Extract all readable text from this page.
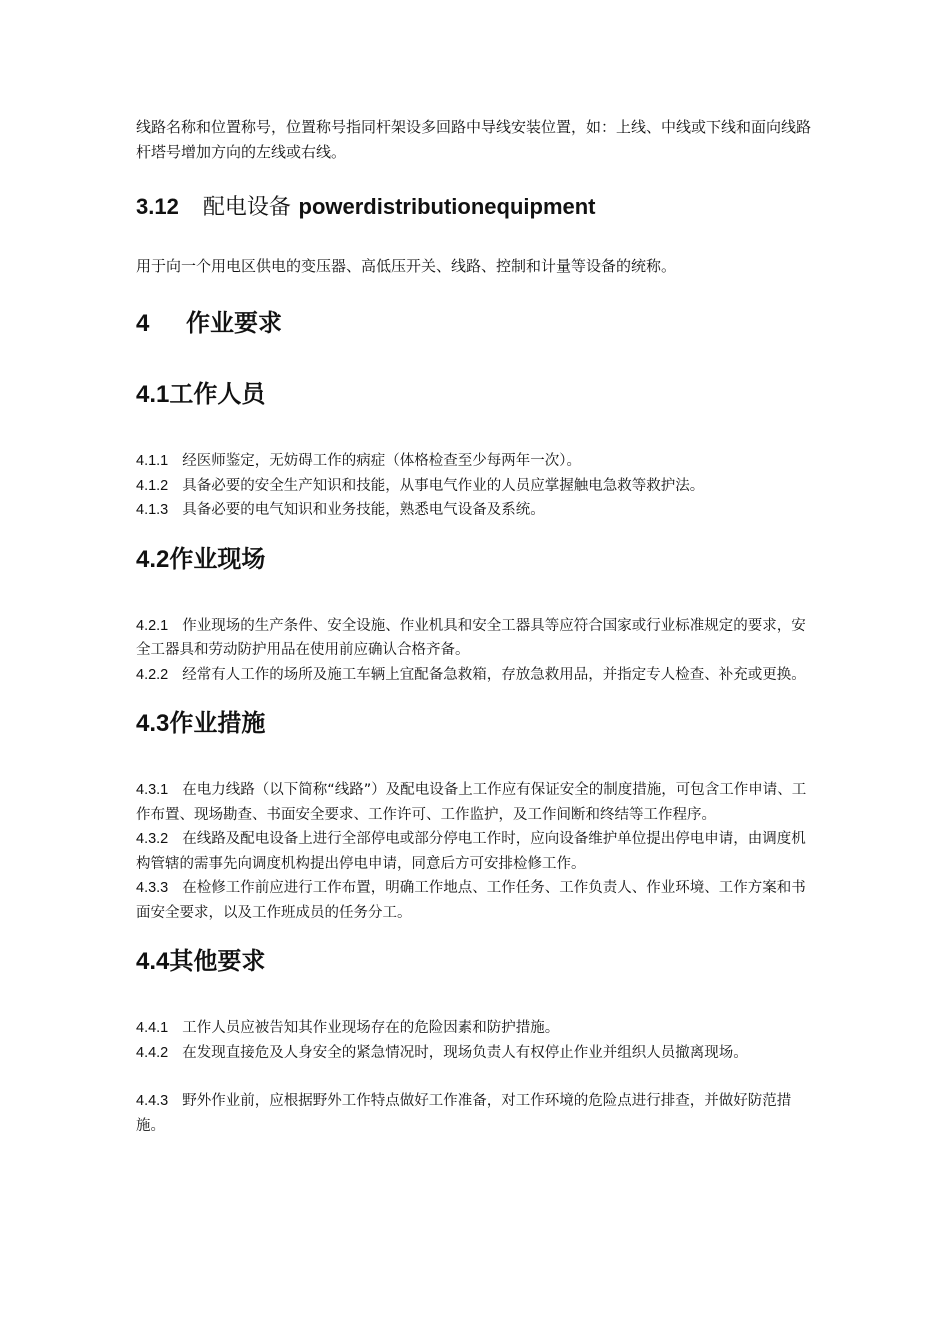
线路名称和位置称号，位置称号指同杆架设多回路中导线安装位置，如：上线、中线或下线和面向线路杆塔号增加方向的左线或右线。

3.12 配电设备 powerdistributionequipment

用于向一个用电区供电的变压器、高低压开关、线路、控制和计量等设备的统称。

4 作业要求
4.1工作人员

4.1.1 经医师鉴定，无妨碍工作的病症（体格检查至少每两年一次）。

4.1.2 具备必要的安全生产知识和技能，从事电气作业的人员应掌握触电急救等救护法。

4.1.3 具备必要的电气知识和业务技能，熟悉电气设备及系统。

4.2作业现场

4.2.1 作业现场的生产条件、安全设施、作业机具和安全工器具等应符合国家或行业标准规定的要求，安全工器具和劳动防护用品在使用前应确认合格齐备。

4.2.2 经常有人工作的场所及施工车辆上宜配备急救箱，存放急救用品，并指定专人检查、补充或更换。

4.3作业措施

4.3.1 在电力线路（以下简称“线路”）及配电设备上工作应有保证安全的制度措施，可包含工作申请、工作布置、现场勘查、书面安全要求、工作许可、工作监护，及工作间断和终结等工作程序。

4.3.2 在线路及配电设备上进行全部停电或部分停电工作时，应向设备维护单位提出停电申请，由调度机构管辖的需事先向调度机构提出停电申请，同意后方可安排检修工作。

4.3.3 在检修工作前应进行工作布置，明确工作地点、工作任务、工作负责人、作业环境、工作方案和书面安全要求，以及工作班成员的任务分工。

4.4其他要求

4.4.1 工作人员应被告知其作业现场存在的危险因素和防护措施。

4.4.2 在发现直接危及人身安全的紧急情况时，现场负责人有权停止作业并组织人员撤离现场。

4.4.3 野外作业前，应根据野外工作特点做好工作准备，对工作环境的危险点进行排查，并做好防范措施。
